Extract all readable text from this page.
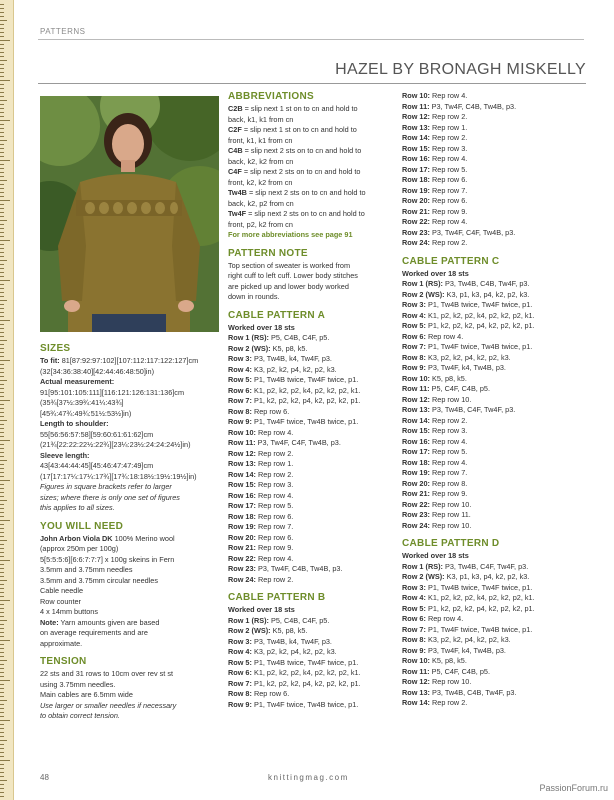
PATTERNS
HAZEL BY BRONAGH MISKELLY
SIZES

To fit: 81[87:92:97:102][107:112:117:122:127]cm

(32[34:36:38:40][42:44:46:48:50]in)

Actual measurement:

91[95:101:105:111][116:121:126:131:136]cm

(35¾[37½:39¾:41¼:43¾]

[45¾:47¾:49¾:51½:53½]in)

Length to shoulder:

55[56:56:57:58][59:60:61:61:62]cm

(21¾[22:22:22½:22¾][23¼:23½:24:24:24½]in)

Sleeve length:

43[43:44:44:45][45:46:47:47:49]cm

(17[17:17¼:17¼:17¾][17¾:18:18½:19½:19½]in)

Figures in square brackets refer to larger

sizes; where there is only one set of figures

this applies to all sizes.

YOU WILL NEED

John Arbon Viola DK 100% Merino wool

(approx 250m per 100g)

5[5:5:5:6][6:6:7:7:7] x 100g skeins in Fern

3.5mm and 3.75mm needles

3.5mm and 3.75mm circular needles

Cable needle

Row counter

4 x 14mm buttons

Note: Yarn amounts given are based

on average requirements and are

approximate.

TENSION

22 sts and 31 rows to 10cm over rev st st

using 3.75mm needles.

Main cables are 6.5mm wide

Use larger or smaller needles if necessary

to obtain correct tension.

ABBREVIATIONS

C2B = slip next 1 st on to cn and hold to

back, k1, k1 from cn

C2F = slip next 1 st on to cn and hold to

front, k1, k1 from cn

C4B = slip next 2 sts on to cn and hold to

back, k2, k2 from cn

C4F = slip next 2 sts on to cn and hold to

front, k2, k2 from cn

Tw4B = slip next 2 sts on to cn and hold to

back, k2, p2 from cn

Tw4F = slip next 2 sts on to cn and hold to

front, p2, k2 from cn

For more abbreviations see page 91

PATTERN NOTE

Top section of sweater is worked from

right cuff to left cuff. Lower body stitches

are picked up and lower body worked

down in rounds.

CABLE PATTERN A

Worked over 18 sts

Row 1 (RS): P5, C4B, C4F, p5.

Row 2 (WS): K5, p8, k5.

Row 3: P3, Tw4B, k4, Tw4F, p3.

Row 4: K3, p2, k2, p4, k2, p2, k3.

Row 5: P1, Tw4B twice, Tw4F twice, p1.

Row 6: K1, p2, k2, p2, k4, p2, k2, p2, k1.

Row 7: P1, k2, p2, k2, p4, k2, p2, k2, p1.

Row 8: Rep row 6.

Row 9: P1, Tw4F twice, Tw4B twice, p1.

Row 10: Rep row 4.

Row 11: P3, Tw4F, C4F, Tw4B, p3.

Row 12: Rep row 2.

Row 13: Rep row 1.

Row 14: Rep row 2.

Row 15: Rep row 3.

Row 16: Rep row 4.

Row 17: Rep row 5.

Row 18: Rep row 6.

Row 19: Rep row 7.

Row 20: Rep row 6.

Row 21: Rep row 9.

Row 22: Rep row 4.

Row 23: P3, Tw4F, C4B, Tw4B, p3.

Row 24: Rep row 2.

CABLE PATTERN B

Worked over 18 sts

Row 1 (RS): P5, C4B, C4F, p5.

Row 2 (WS): K5, p8, k5.

Row 3: P3, Tw4B, k4, Tw4F, p3.

Row 4: K3, p2, k2, p4, k2, p2, k3.

Row 5: P1, Tw4B twice, Tw4F twice, p1.

Row 6: K1, p2, k2, p2, k4, p2, k2, p2, k1.

Row 7: P1, k2, p2, k2, p4, k2, p2, k2, p1.

Row 8: Rep row 6.

Row 9: P1, Tw4F twice, Tw4B twice, p1.

Row 10: Rep row 4.

Row 11: P3, Tw4F, C4B, Tw4B, p3.

Row 12: Rep row 2.

Row 13: Rep row 1.

Row 14: Rep row 2.

Row 15: Rep row 3.

Row 16: Rep row 4.

Row 17: Rep row 5.

Row 18: Rep row 6.

Row 19: Rep row 7.

Row 20: Rep row 6.

Row 21: Rep row 9.

Row 22: Rep row 4.

Row 23: P3, Tw4F, C4F, Tw4B, p3.

Row 24: Rep row 2.

CABLE PATTERN C

Worked over 18 sts

Row 1 (RS): P3, Tw4B, C4B, Tw4F, p3.

Row 2 (WS): K3, p1, k3, p4, k2, p2, k3.

Row 3: P1, Tw4B twice, Tw4F twice, p1.

Row 4: K1, p2, k2, p2, k4, p2, k2, p2, k1.

Row 5: P1, k2, p2, k2, p4, k2, p2, k2, p1.

Row 6: Rep row 4.

Row 7: P1, Tw4F twice, Tw4B twice, p1.

Row 8: K3, p2, k2, p4, k2, p2, k3.

Row 9: P3, Tw4F, k4, Tw4B, p3.

Row 10: K5, p8, k5.

Row 11: P5, C4F, C4B, p5.

Row 12: Rep row 10.

Row 13: P3, Tw4B, C4F, Tw4F, p3.

Row 14: Rep row 2.

Row 15: Rep row 3.

Row 16: Rep row 4.

Row 17: Rep row 5.

Row 18: Rep row 4.

Row 19: Rep row 7.

Row 20: Rep row 8.

Row 21: Rep row 9.

Row 22: Rep row 10.

Row 23: Rep row 11.

Row 24: Rep row 10.

CABLE PATTERN D

Worked over 18 sts

Row 1 (RS): P3, Tw4B, C4F, Tw4F, p3.

Row 2 (WS): K3, p1, k3, p4, k2, p2, k3.

Row 3: P1, Tw4B twice, Tw4F twice, p1.

Row 4: K1, p2, k2, p2, k4, p2, k2, p2, k1.

Row 5: P1, k2, p2, k2, p4, k2, p2, k2, p1.

Row 6: Rep row 4.

Row 7: P1, Tw4F twice, Tw4B twice, p1.

Row 8: K3, p2, k2, p4, k2, p2, k3.

Row 9: P3, Tw4F, k4, Tw4B, p3.

Row 10: K5, p8, k5.

Row 11: P5, C4F, C4B, p5.

Row 12: Rep row 10.

Row 13: P3, Tw4B, C4B, Tw4F, p3.

Row 14: Rep row 2.

48	knittingmag.com
PassionForum.ru
